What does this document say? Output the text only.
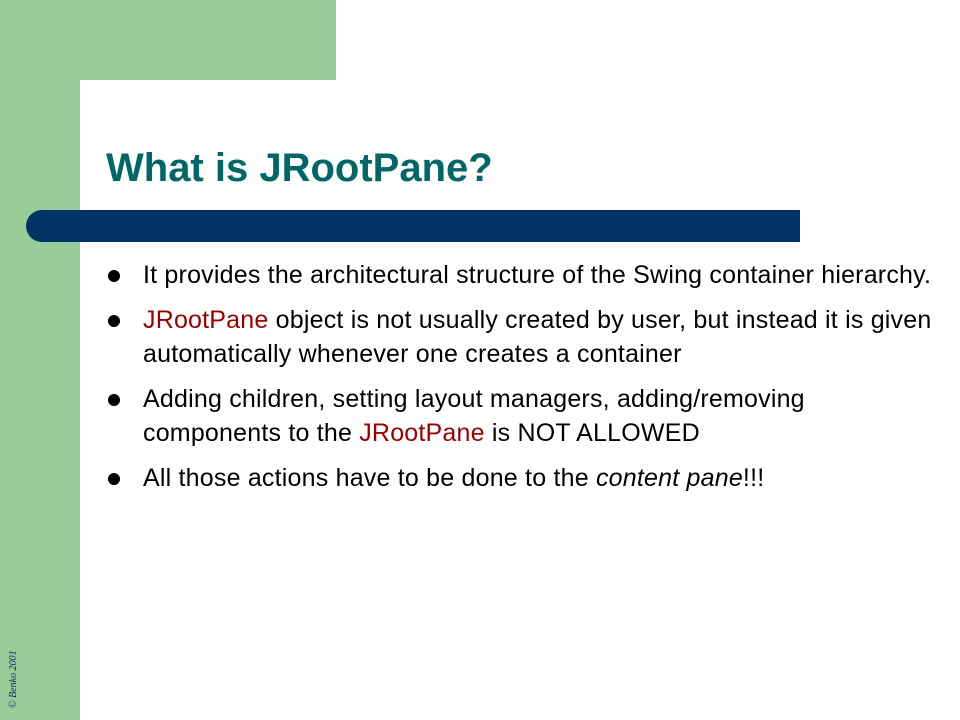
What is JRootPane?
It provides the architectural structure of the Swing container hierarchy.
JRootPane object is not usually created by user, but instead it is given automatically whenever one creates a container
Adding children, setting layout managers, adding/removing components to the JRootPane is NOT ALLOWED
All those actions have to be done to the content pane!!!
© Benko 2001
